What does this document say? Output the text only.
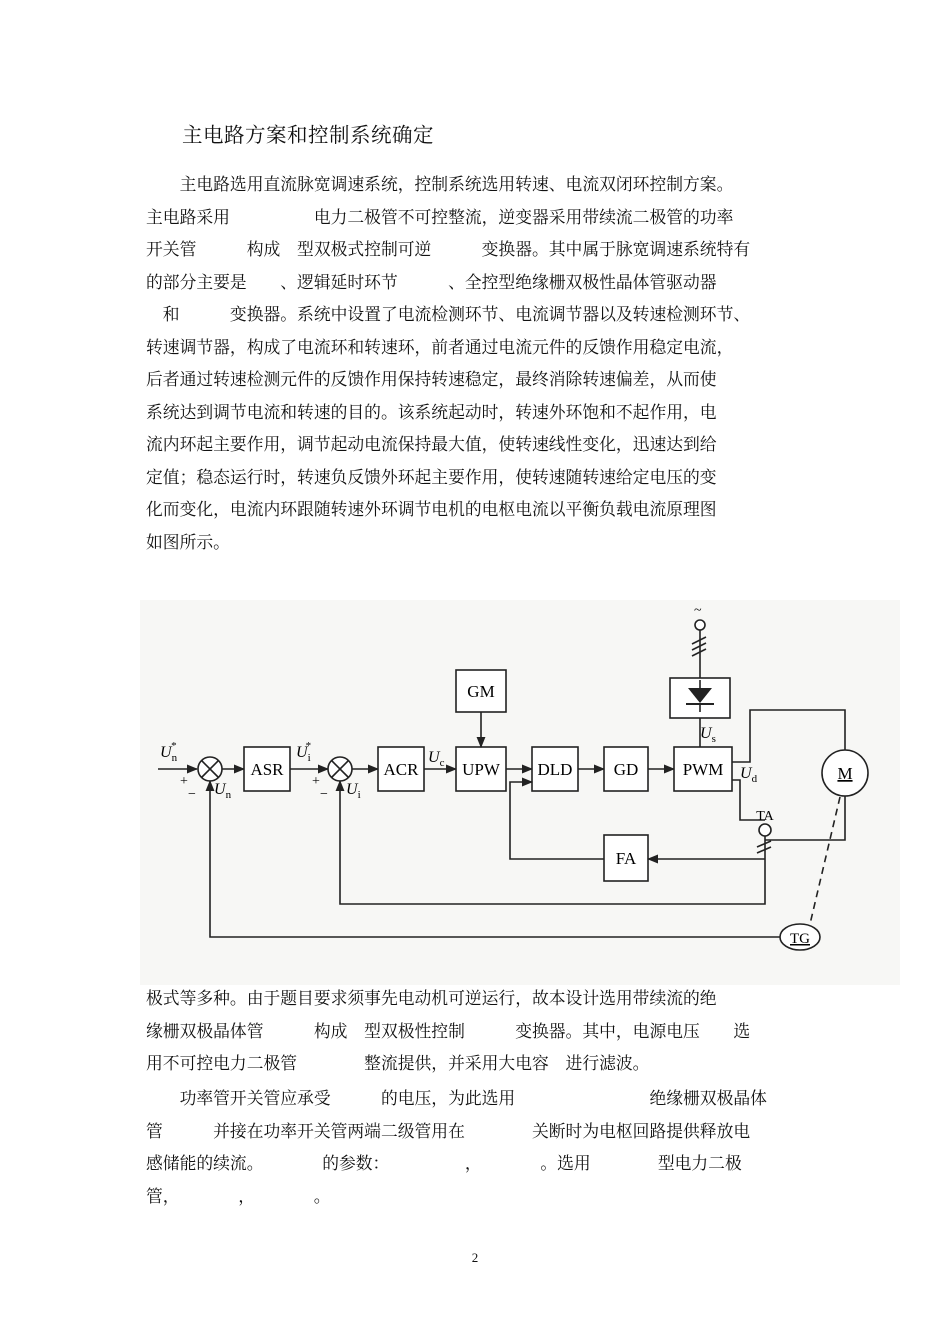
主电路方案和控制系统确定
　　主电路选用直流脉宽调速系统，控制系统选用转速、电流双闭环控制方案。
主电路采用　　　　　电力二极管不可控整流，逆变器采用带续流二极管的功率
开关管　　　构成　型双极式控制可逆　　　变换器。其中属于脉宽调速系统特有
的部分主要是　　、逻辑延时环节　　　、全控型绝缘栅双极性晶体管驱动器
　和　　　变换器。系统中设置了电流检测环节、电流调节器以及转速检测环节、
转速调节器，构成了电流环和转速环，前者通过电流元件的反馈作用稳定电流，
后者通过转速检测元件的反馈作用保持转速稳定，最终消除转速偏差，从而使
系统达到调节电流和转速的目的。该系统起动时，转速外环饱和不起作用，电
流内环起主要作用，调节起动电流保持最大值，使转速线性变化，迅速达到给
定值；稳态运行时，转速负反馈外环起主要作用，使转速随转速给定电压的变
化而变化，电流内环跟随转速外环调节电机的电枢电流以平衡负载电流原理图
如图所示。
ASR	ACR	UPW DLD GD	PWM
GM
FA
M
TG
TA
$U_n*$
$U_n$
$U_i*$
$U_i$
$U_c$
$U_s$
$U_d$
+
−
+
−
~
极式等多种。由于题目要求须事先电动机可逆运行，故本设计选用带续流的绝
缘栅双极晶体管　　　构成　型双极性控制　　　变换器。其中，电源电压　　选
用不可控电力二极管　　　　整流提供，并采用大电容　进行滤波。
　　功率管开关管应承受　　　的电压，为此选用　　　　　　　　绝缘栅双极晶体
管　　　并接在功率开关管两端二级管用在　　　　关断时为电枢回路提供释放电
感储能的续流。　　　　的参数：　　　　　，　　　　。选用　　　　型电力二极
管，　　　　，　　　　。
2
